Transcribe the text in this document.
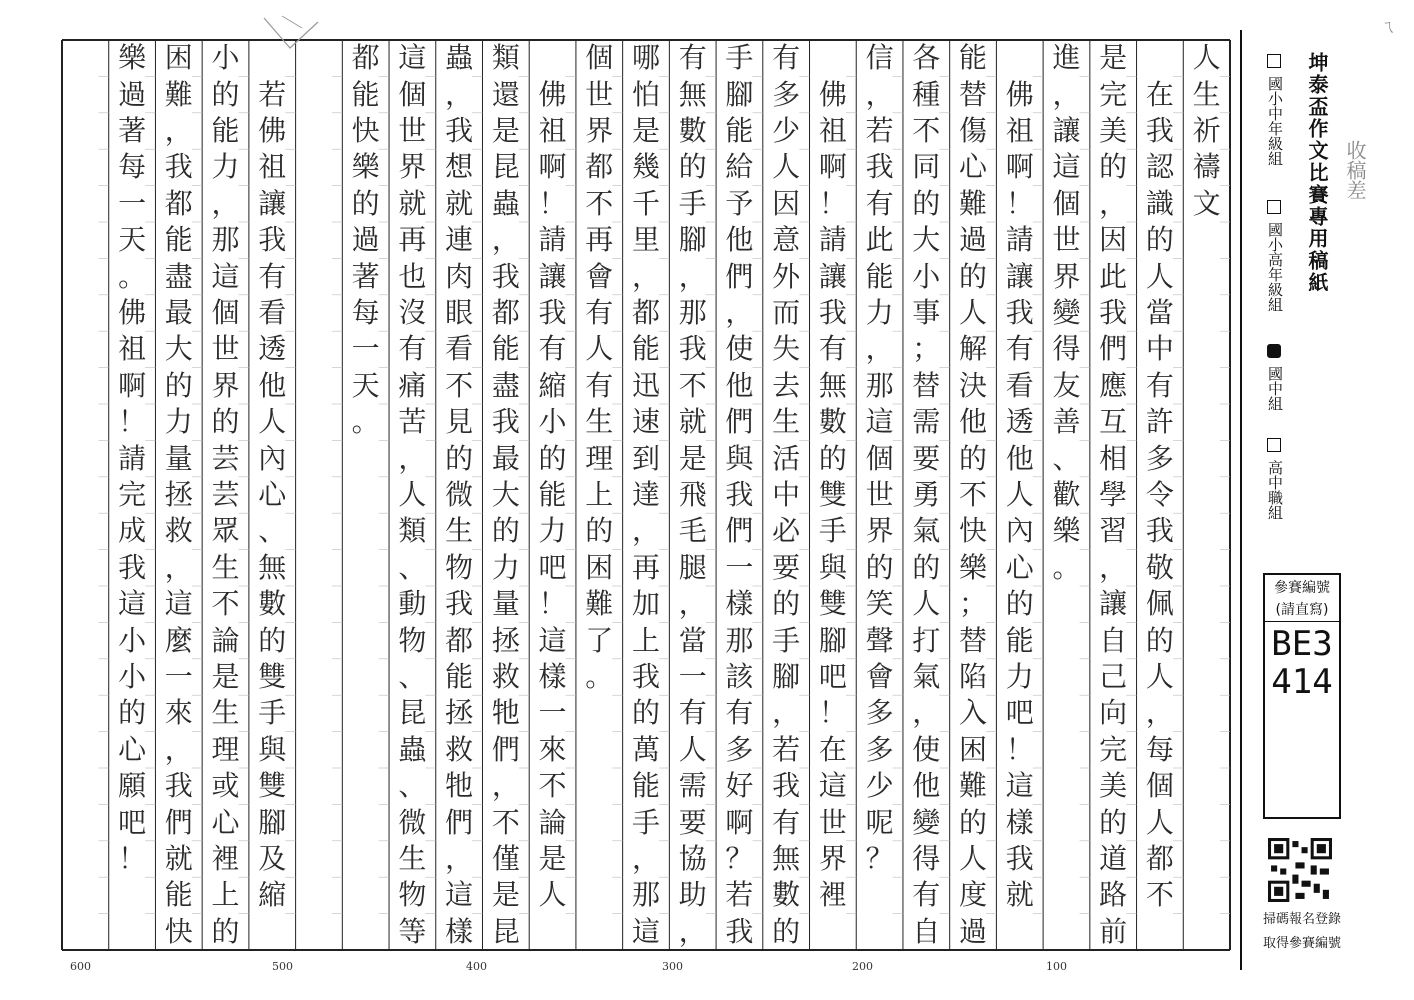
人
生
祈
禱
文

在
我
認
識
的
人
當
中
有
許
多
令
我
敬
佩
的
人
，
每
個
人
都
不
是
完
美
的
，
因
此
我
們
應
互
相
學
習
，
讓
自
己
向
完
美
的
道
路
前
進
，
讓
這
個
世
界
變
得
友
善
、
歡
樂
。

佛
祖
啊
！
請
讓
我
有
看
透
他
人
內
心
的
能
力
吧
！
這
樣
我
就
能
替
傷
心
難
過
的
人
解
決
他
的
不
快
樂
；
替
陷
入
困
難
的
人
度
過
各
種
不
同
的
大
小
事
；
替
需
要
勇
氣
的
人
打
氣
，
使
他
變
得
有
自
信
，
若
我
有
此
能
力
，
那
這
個
世
界
的
笑
聲
會
多
多
少
呢
？

佛
祖
啊
！
請
讓
我
有
無
數
的
雙
手
與
雙
腳
吧
！
在
這
世
界
裡
有
多
少
人
因
意
外
而
失
去
生
活
中
必
要
的
手
腳
，
若
我
有
無
數
的
手
腳
能
給
予
他
們
，
使
他
們
與
我
們
一
樣
那
該
有
多
好
啊
？
若
我
有
無
數
的
手
腳
，
那
我
不
就
是
飛
毛
腿
，
當
一
有
人
需
要
協
助
，
哪
怕
是
幾
千
里
，
都
能
迅
速
到
達
，
再
加
上
我
的
萬
能
手
，
那
這
個
世
界
都
不
再
會
有
人
有
生
理
上
的
困
難
了
。

佛
祖
啊
！
請
讓
我
有
縮
小
的
能
力
吧
！
這
樣
一
來
不
論
是
人
類
還
是
昆
蟲
，
我
都
能
盡
我
最
大
的
力
量
拯
救
牠
們
，
不
僅
是
昆
蟲
，
我
想
就
連
肉
眼
看
不
見
的
微
生
物
我
都
能
拯
救
牠
們
，
這
樣
這
個
世
界
就
再
也
沒
有
痛
苦
，
人
類
、
動
物
、
昆
蟲
、
微
生
物
等
都
能
快
樂
的
過
著
每
一
天
。

若
佛
祖
讓
我
有
看
透
他
人
內
心
、
無
數
的
雙
手
與
雙
腳
及
縮
小
的
能
力
，
那
這
個
世
界
的
芸
芸
眾
生
不
論
是
生
理
或
心
裡
上
的
困
難
，
我
都
能
盡
最
大
的
力
量
拯
救
，
這
麼
一
來
，
我
們
就
能
快
樂
過
著
每
一
天
。
佛
祖
啊
！
請
完
成
我
這
小
小
的
心
願
吧
！
600	500	400	300	200	100
坤泰盃作文比賽專用稿紙
國小中年級組
國小高年級組
國中組
高中職組
參賽編號
(請直寫)
BE3414
掃碼報名登錄
取得參賽編號
收稿差
ㄟ
